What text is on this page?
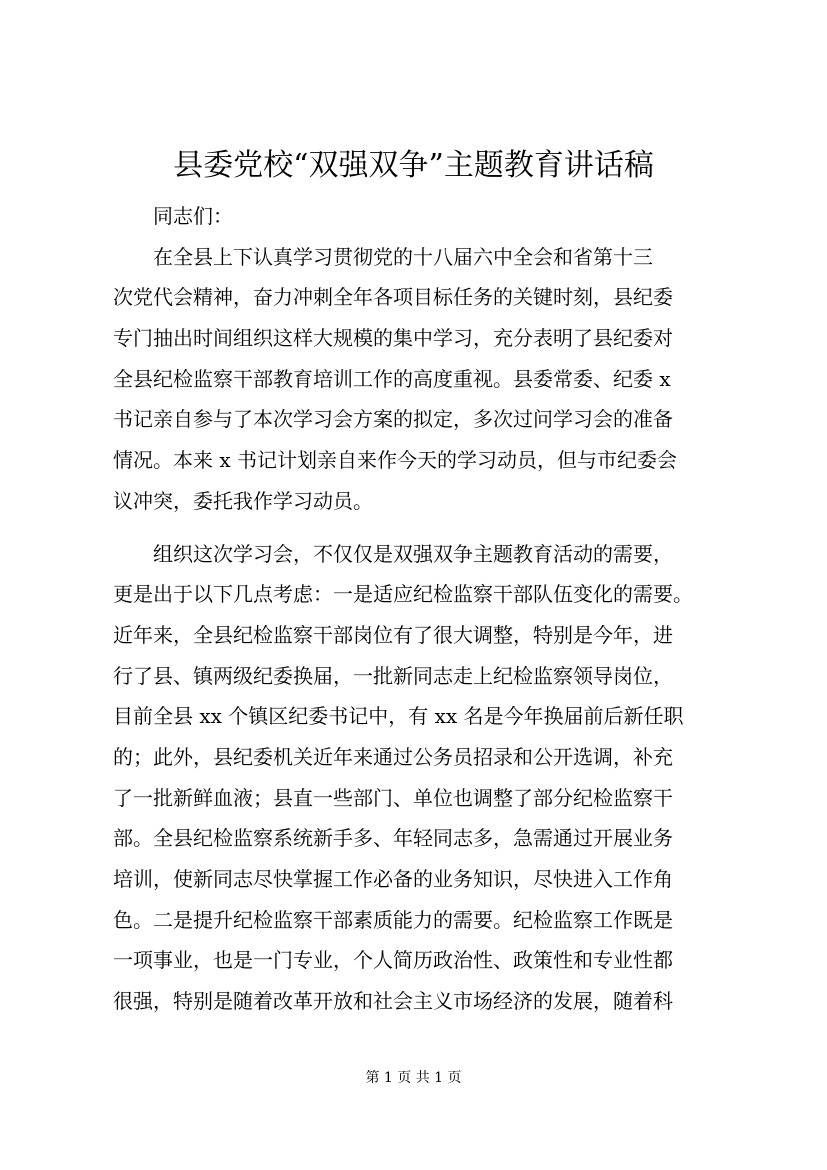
县委党校“双强双争”主题教育讲话稿
同志们：
在全县上下认真学习贯彻党的十八届六中全会和省第十三
次党代会精神，奋力冲刺全年各项目标任务的关键时刻，县纪委
专门抽出时间组织这样大规模的集中学习，充分表明了县纪委对
全县纪检监察干部教育培训工作的高度重视。县委常委、纪委 x
书记亲自参与了本次学习会方案的拟定，多次过问学习会的准备
情况。本来 x 书记计划亲自来作今天的学习动员，但与市纪委会
议冲突，委托我作学习动员。
组织这次学习会，不仅仅是双强双争主题教育活动的需要，
更是出于以下几点考虑：一是适应纪检监察干部队伍变化的需要。
近年来，全县纪检监察干部岗位有了很大调整，特别是今年，进
行了县、镇两级纪委换届，一批新同志走上纪检监察领导岗位，
目前全县 xx 个镇区纪委书记中，有 xx 名是今年换届前后新任职
的；此外，县纪委机关近年来通过公务员招录和公开选调，补充
了一批新鲜血液；县直一些部门、单位也调整了部分纪检监察干
部。全县纪检监察系统新手多、年轻同志多，急需通过开展业务
培训，使新同志尽快掌握工作必备的业务知识，尽快进入工作角
色。二是提升纪检监察干部素质能力的需要。纪检监察工作既是
一项事业，也是一门专业，个人简历政治性、政策性和专业性都
很强，特别是随着改革开放和社会主义市场经济的发展，随着科
第 1 页 共 1 页
